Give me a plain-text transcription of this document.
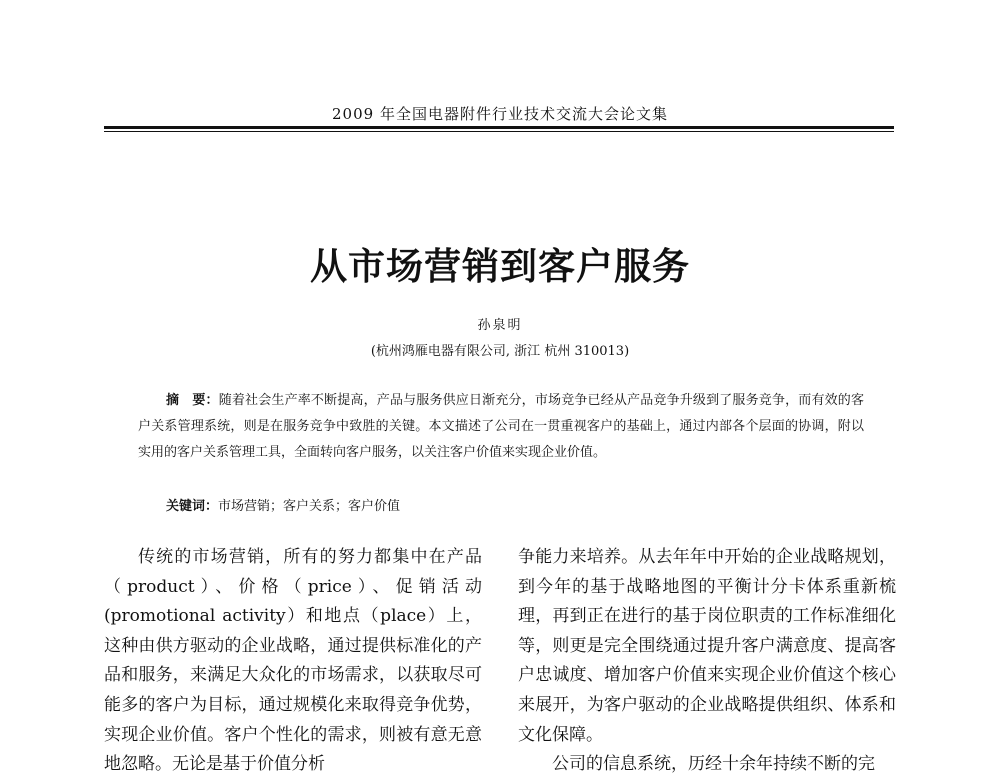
2009 年全国电器附件行业技术交流大会论文集
从市场营销到客户服务
孙泉明
(杭州鸿雁电器有限公司, 浙江 杭州 310013)

摘　要：随着社会生产率不断提高，产品与服务供应日渐充分，市场竞争已经从产品竞争升级到了服务竞争，而有效的客户关系管理系统，则是在服务竞争中致胜的关键。本文描述了公司在一贯重视客户的基础上，通过内部各个层面的协调，附以实用的客户关系管理工具，全面转向客户服务，以关注客户价值来实现企业价值。

关键词：市场营销；客户关系；客户价值

传统的市场营销，所有的努力都集中在产品（product）、价格（price）、促销活动(promotional activity）和地点（place）上，这种由供方驱动的企业战略，通过提供标准化的产品和服务，来满足大众化的市场需求，以获取尽可能多的客户为目标，通过规模化来取得竞争优势，实现企业价值。客户个性化的需求，则被有意无意地忽略。无论是基于价值分析

争能力来培养。从去年年中开始的企业战略规划，到今年的基于战略地图的平衡计分卡体系重新梳理，再到正在进行的基于岗位职责的工作标准细化等，则更是完全围绕通过提升客户满意度、提高客户忠诚度、增加客户价值来实现企业价值这个核心来展开，为客户驱动的企业战略提供组织、体系和文化保障。

公司的信息系统，历经十余年持续不断的完
